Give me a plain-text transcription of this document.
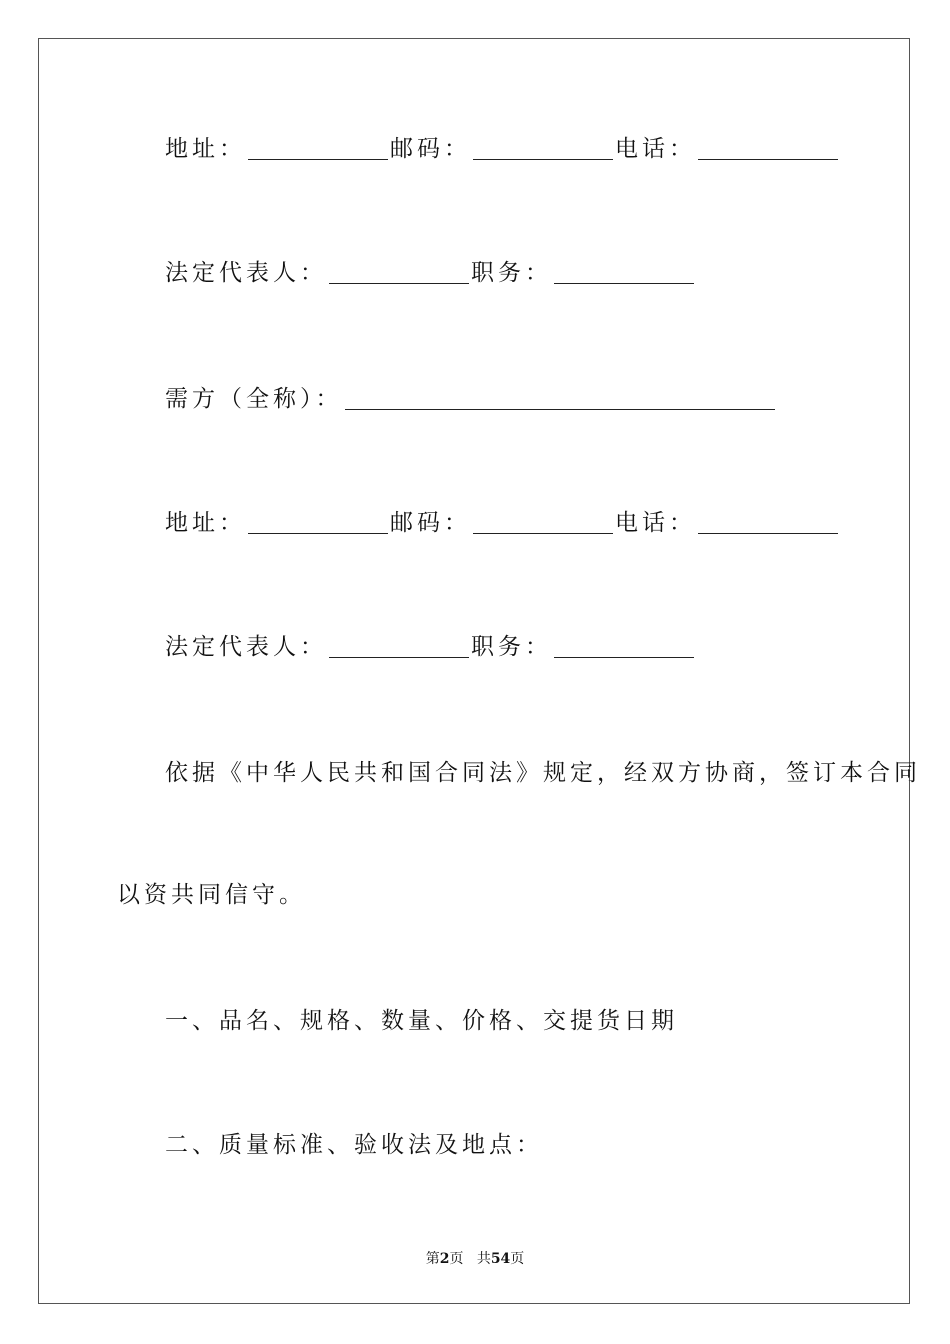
地址：	邮码：	电话：
法定代表人：	职务：
需方（全称）：
地址：	邮码：	电话：
法定代表人：	职务：
依据《中华人民共和国合同法》规定，经双方协商，签订本合同
以资共同信守。
一、品名、规格、数量、价格、交提货日期
二、质量标准、验收法及地点：
第2页 共54页
